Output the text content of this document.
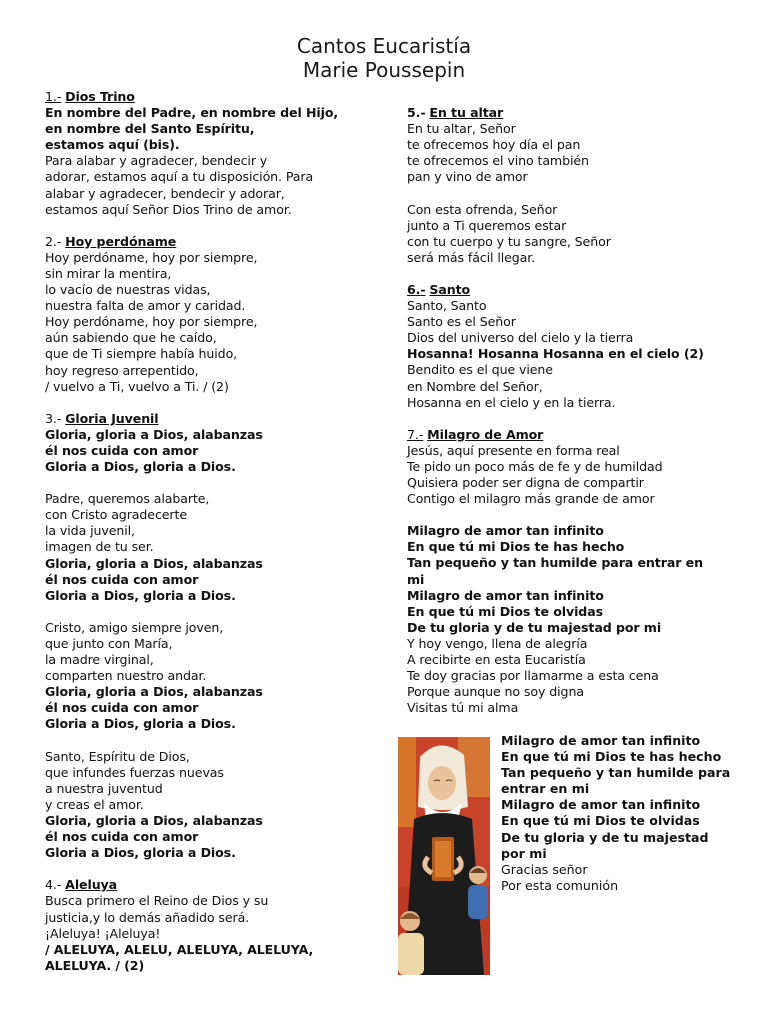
Cantos Eucaristía
Marie Poussepin
1.- Dios Trino
En nombre del Padre, en nombre del Hijo,
en nombre del Santo Espíritu,
estamos aquí (bis).
Para alabar y agradecer, bendecir y
adorar, estamos aquí a tu disposición. Para
alabar y agradecer, bendecir y adorar,
estamos aquí Señor Dios Trino de amor.
2.- Hoy perdóname
Hoy perdóname, hoy por siempre,
sin mirar la mentira,
lo vacío de nuestras vidas,
nuestra falta de amor y caridad.
Hoy perdóname, hoy por siempre,
aún sabiendo que he caído,
que de Ti siempre había huido,
hoy regreso arrepentido,
/ vuelvo a Ti, vuelvo a Ti. / (2)
3.- Gloria Juvenil
Gloria, gloria a Dios, alabanzas
él nos cuida con amor
Gloria a Dios, gloria a Dios.
Padre, queremos alabarte,
con Cristo agradecerte
la vida juvenil,
imagen de tu ser.
Gloria, gloria a Dios, alabanzas
él nos cuida con amor
Gloria a Dios, gloria a Dios.
Cristo, amigo siempre joven,
que junto con María,
la madre virginal,
comparten nuestro andar.
Gloria, gloria a Dios, alabanzas
él nos cuida con amor
Gloria a Dios, gloria a Dios.
Santo, Espíritu de Dios,
que infundes fuerzas nuevas
a nuestra juventud
y creas el amor.
Gloria, gloria a Dios, alabanzas
él nos cuida con amor
Gloria a Dios, gloria a Dios.
4.- Aleluya
Busca primero el Reino de Dios y su
justicia,y lo demás añadido será.
¡Aleluya! ¡Aleluya!
/ ALELUYA, ALELU, ALELUYA, ALELUYA,
ALELUYA. / (2)
5.- En tu altar
En tu altar, Señor
te ofrecemos hoy día el pan
te ofrecemos el vino también
pan y vino de amor
Con esta ofrenda, Señor
junto a Ti queremos estar
con tu cuerpo y tu sangre, Señor
será más fácil llegar.
6.- Santo
Santo, Santo
Santo es el Señor
Dios del universo del cielo y la tierra
Hosanna! Hosanna Hosanna en el cielo (2)
Bendito es el que viene
en Nombre del Señor,
Hosanna en el cielo y en la tierra.
7.- Milagro de Amor
Jesús, aquí presente en forma real
Te pido un poco más de fe y de humildad
Quisiera poder ser digna de compartir
Contigo el milagro más grande de amor
Milagro de amor tan infinito
En que tú mi Dios te has hecho
Tan pequeño y tan humilde para entrar en
mi
Milagro de amor tan infinito
En que tú mi Dios te olvidas
De tu gloria y de tu majestad por mi
Y hoy vengo, llena de alegría
A recibirte en esta Eucaristía
Te doy gracias por llamarme a esta cena
Porque aunque no soy digna
Visitas tú mi alma
Milagro de amor tan infinito
En que tú mi Dios te has hecho
Tan pequeño y tan humilde para entrar en mi
Milagro de amor tan infinito
En que tú mi Dios te olvidas
De tu gloria y de tu majestad por mi
Gracias señor
Por esta comunión
